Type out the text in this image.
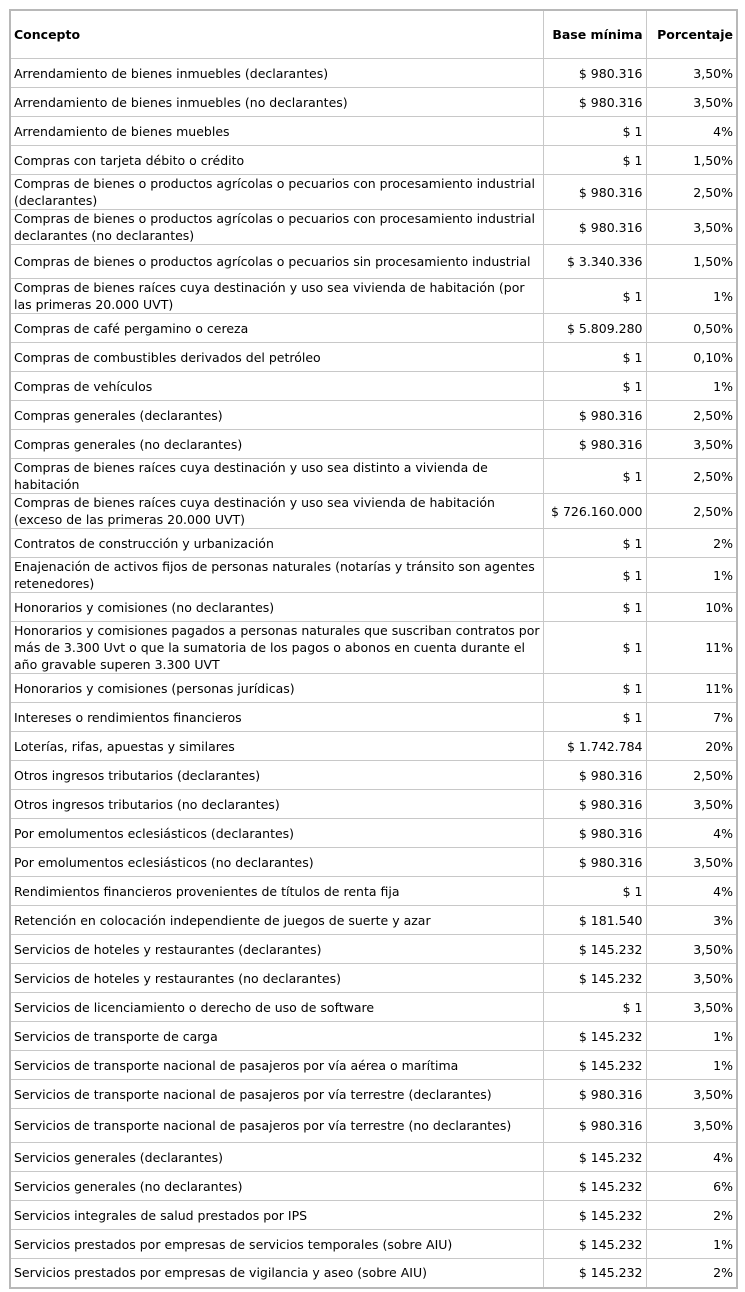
Concepto	Base mínima	Porcentaje
Arrendamiento de bienes inmuebles (declarantes)	$ 980.316	3,50%
Arrendamiento de bienes inmuebles (no declarantes)	$ 980.316	3,50%
Arrendamiento de bienes muebles	$ 1	4%
Compras con tarjeta débito o crédito	$ 1	1,50%
Compras de bienes o productos agrícolas o pecuarios con procesamiento industrial (declarantes)	$ 980.316	2,50%
Compras de bienes o productos agrícolas o pecuarios con procesamiento industrial declarantes (no declarantes)	$ 980.316	3,50%
Compras de bienes o productos agrícolas o pecuarios sin procesamiento industrial	$ 3.340.336	1,50%
Compras de bienes raíces cuya destinación y uso sea vivienda de habitación (por las primeras 20.000 UVT)	$ 1	1%
Compras de café pergamino o cereza	$ 5.809.280	0,50%
Compras de combustibles derivados del petróleo	$ 1	0,10%
Compras de vehículos	$ 1	1%
Compras generales (declarantes)	$ 980.316	2,50%
Compras generales (no declarantes)	$ 980.316	3,50%
Compras de bienes raíces cuya destinación y uso sea distinto a vivienda de habitación	$ 1	2,50%
Compras de bienes raíces cuya destinación y uso sea vivienda de habitación (exceso de las primeras 20.000 UVT)	$ 726.160.000	2,50%
Contratos de construcción y urbanización	$ 1	2%
Enajenación de activos fijos de personas naturales (notarías y tránsito son agentes retenedores)	$ 1	1%
Honorarios y comisiones (no declarantes)	$ 1	10%
Honorarios y comisiones pagados a personas naturales que suscriban contratos por más de 3.300 Uvt o que la sumatoria de los pagos o abonos en cuenta durante el año gravable superen 3.300 UVT	$ 1	11%
Honorarios y comisiones (personas jurídicas)	$ 1	11%
Intereses o rendimientos financieros	$ 1	7%
Loterías, rifas, apuestas y similares	$ 1.742.784	20%
Otros ingresos tributarios (declarantes)	$ 980.316	2,50%
Otros ingresos tributarios (no declarantes)	$ 980.316	3,50%
Por emolumentos eclesiásticos (declarantes)	$ 980.316	4%
Por emolumentos eclesiásticos (no declarantes)	$ 980.316	3,50%
Rendimientos financieros provenientes de títulos de renta fija	$ 1	4%
Retención en colocación independiente de juegos de suerte y azar	$ 181.540	3%
Servicios de hoteles y restaurantes (declarantes)	$ 145.232	3,50%
Servicios de hoteles y restaurantes (no declarantes)	$ 145.232	3,50%
Servicios de licenciamiento o derecho de uso de software	$ 1	3,50%
Servicios de transporte de carga	$ 145.232	1%
Servicios de transporte nacional de pasajeros por vía aérea o marítima	$ 145.232	1%
Servicios de transporte nacional de pasajeros por vía terrestre (declarantes)	$ 980.316	3,50%
Servicios de transporte nacional de pasajeros por vía terrestre (no declarantes)	$ 980.316	3,50%
Servicios generales (declarantes)	$ 145.232	4%
Servicios generales (no declarantes)	$ 145.232	6%
Servicios integrales de salud prestados por IPS	$ 145.232	2%
Servicios prestados por empresas de servicios temporales (sobre AIU)	$ 145.232	1%
Servicios prestados por empresas de vigilancia y aseo (sobre AIU)	$ 145.232	2%
